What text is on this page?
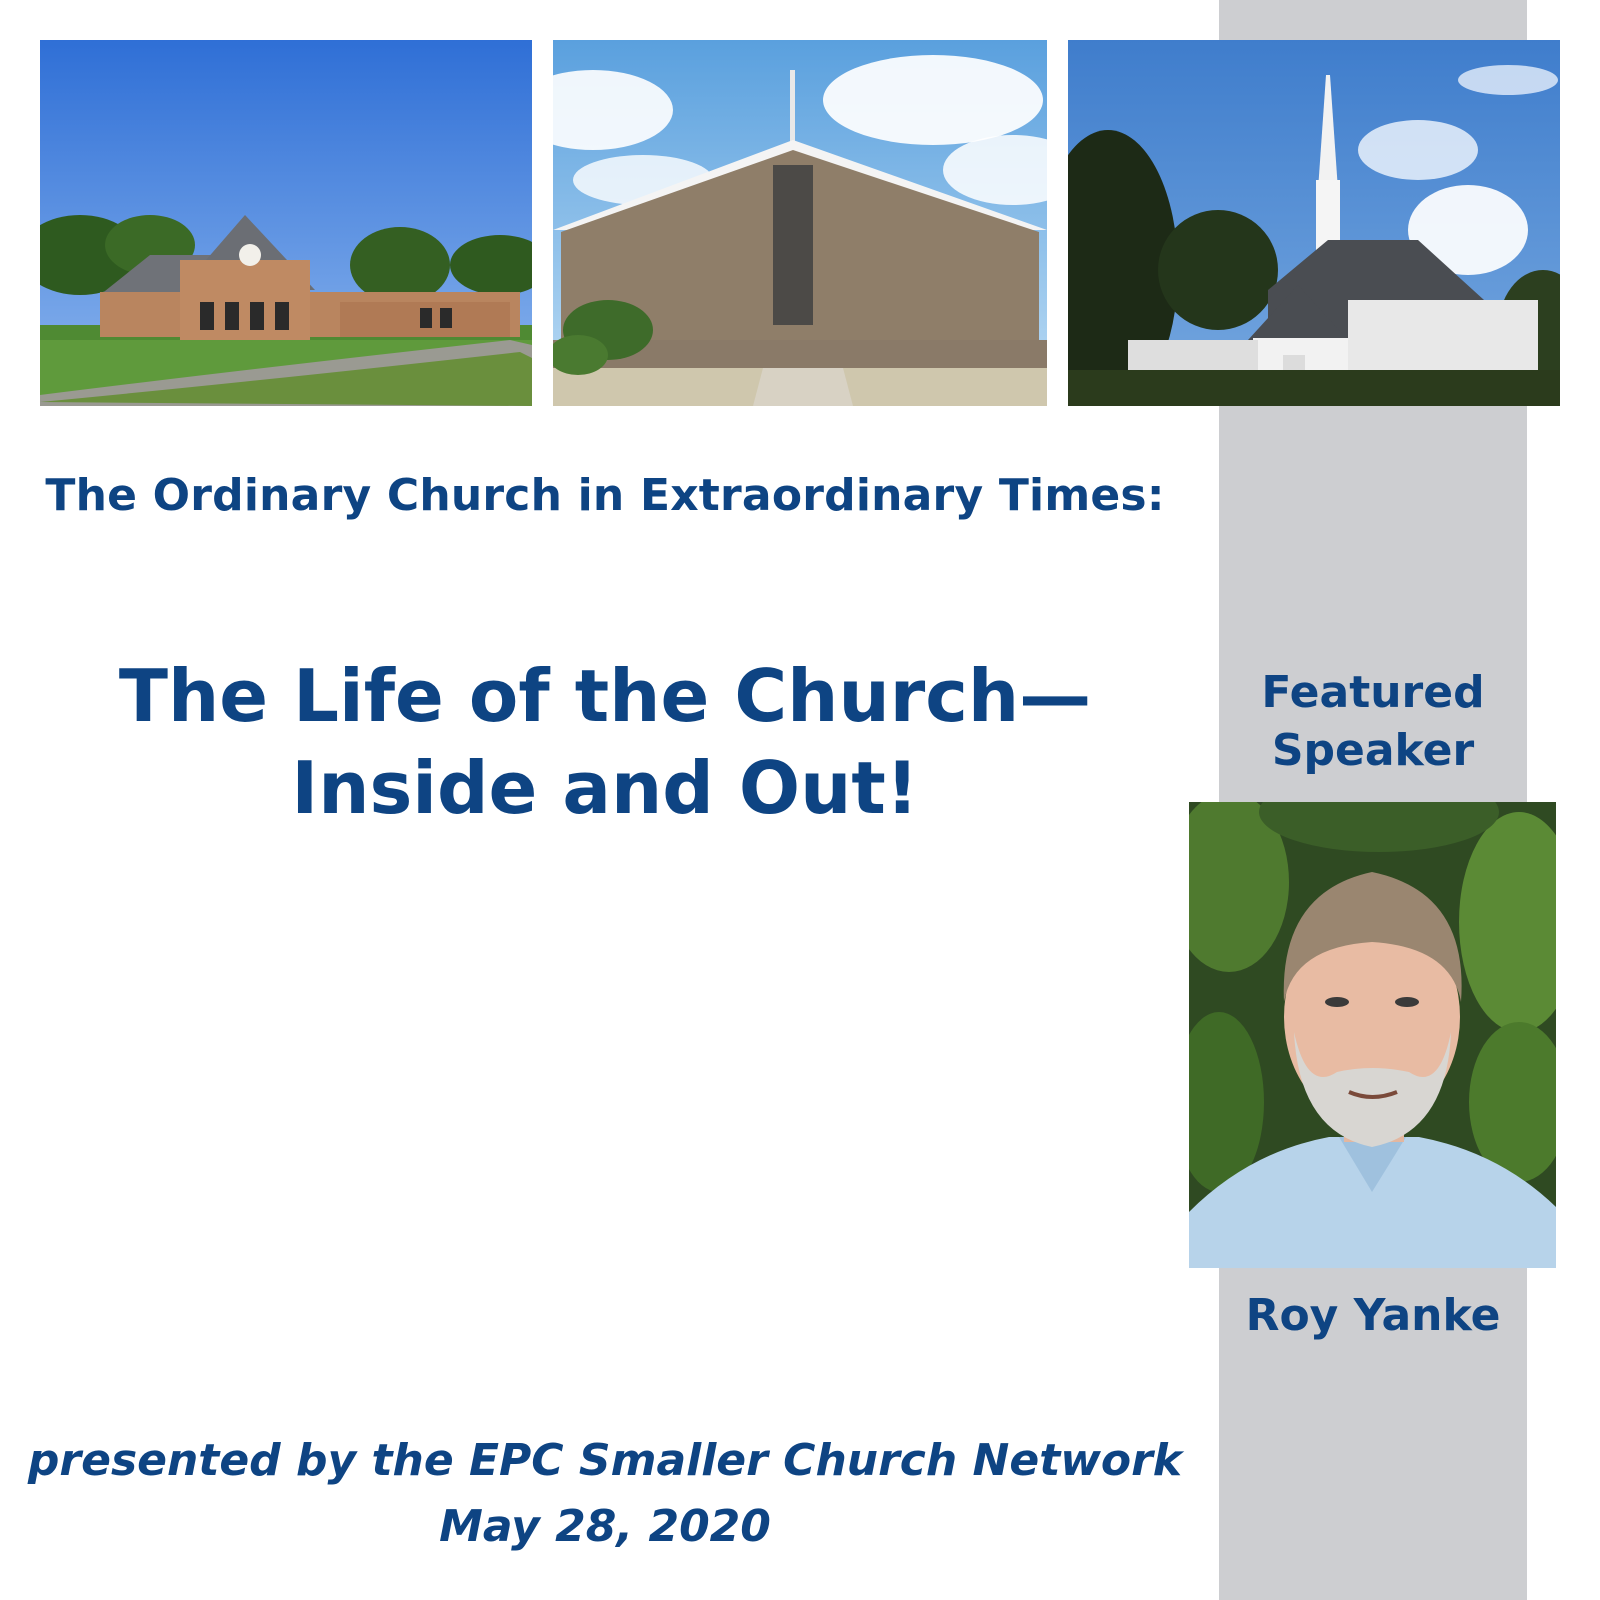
The Ordinary Church in Extraordinary Times:

The Life of the Church—
Inside and Out!

Featured
Speaker

Roy Yanke

presented by the EPC Smaller Church Network
May 28, 2020
